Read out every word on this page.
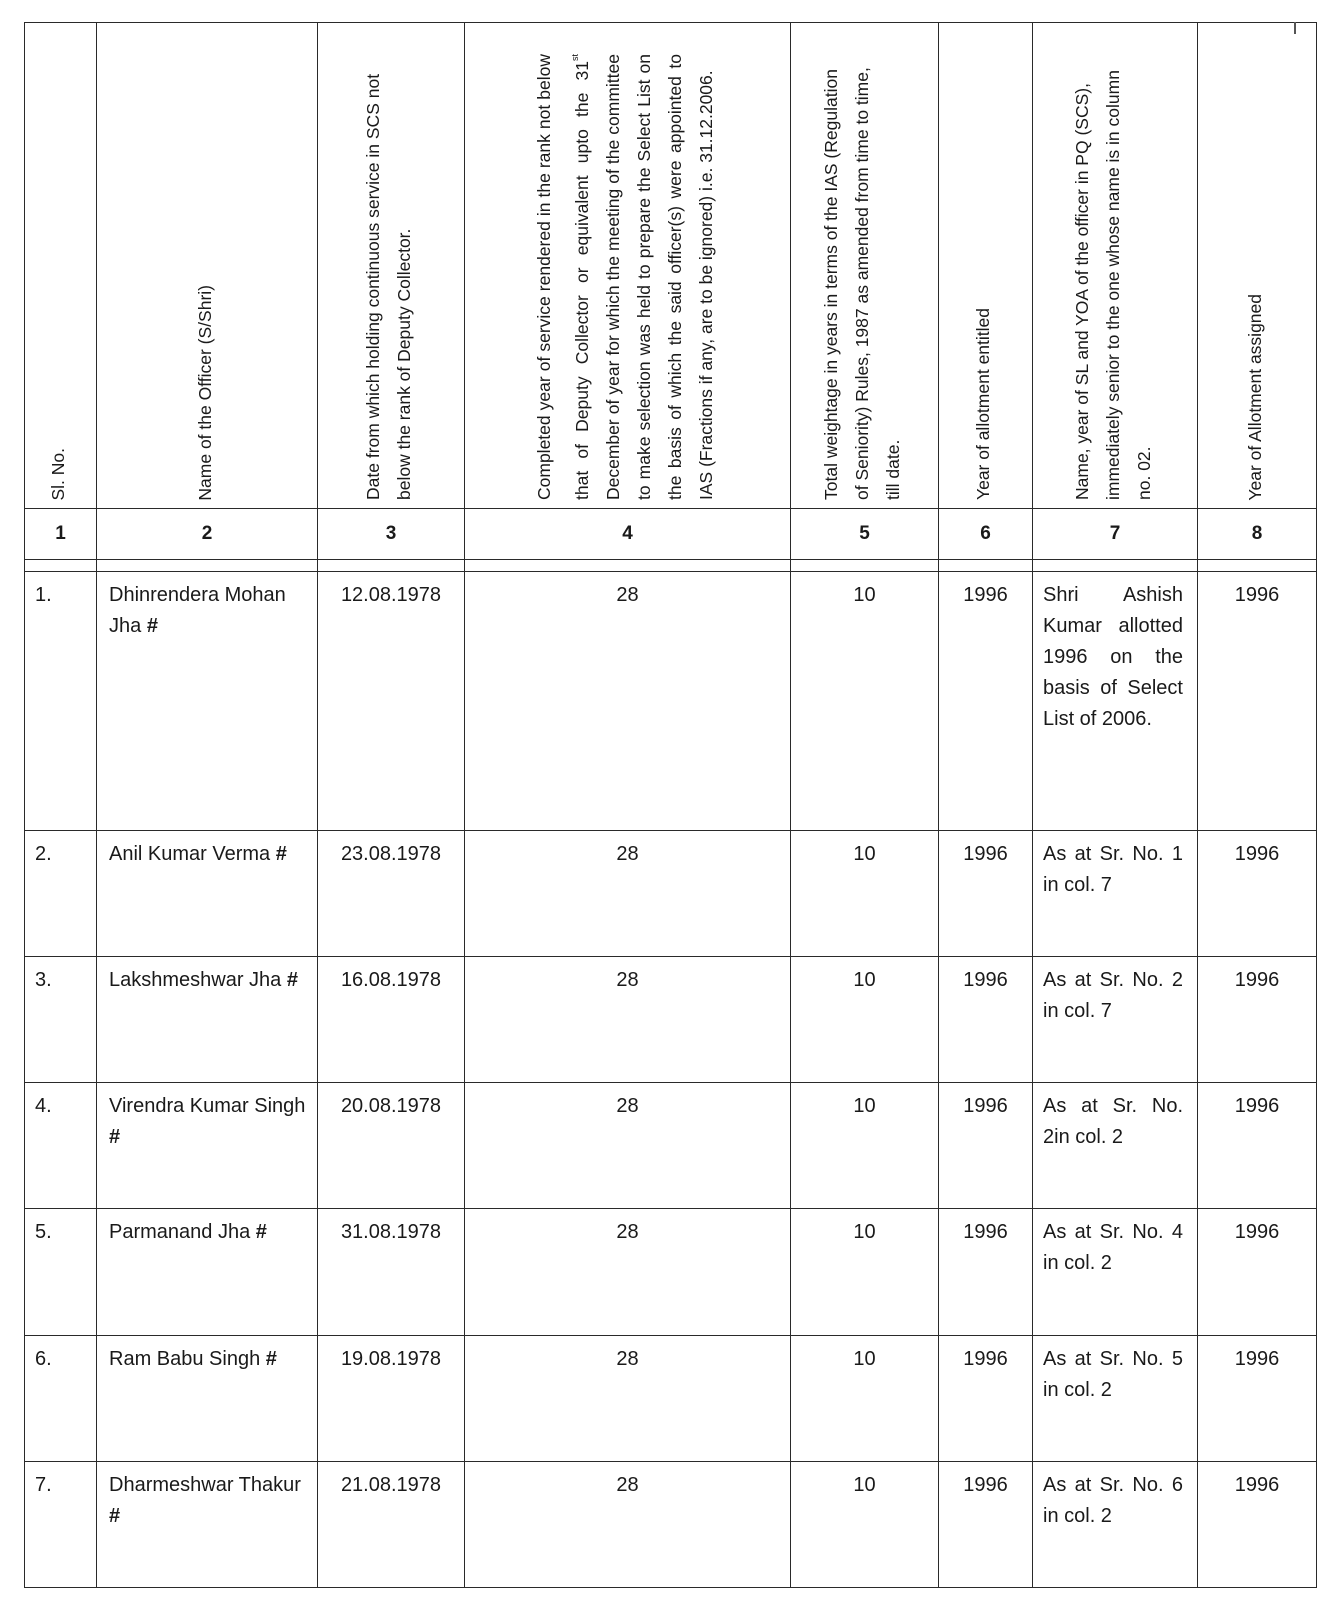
Sl. No.	Name of the Officer (S/Shri)	Date from which holding continuous service in SCS not below the rank of Deputy Collector.	Completed year of service rendered in the rank not below that of Deputy Collector or equivalent upto the 31st December of year for which the meeting of the committee to make selection was held to prepare the Select List on the basis of which the said officer(s) were appointed to IAS (Fractions if any, are to be ignored) i.e. 31.12.2006.	Total weightage in years in terms of the IAS (Regulation of Seniority) Rules, 1987 as amended from time to time, till date.	Year of allotment entitled	Name, year of SL and YOA of the officer in PQ (SCS), immediately senior to the one whose name is in column no. 02.	Year of Allotment assigned

1	2	3	4	5	6	7	8

1.	Dhinrendera Mohan Jha #	12.08.1978	28	10	1996	Shri Ashish Kumar allotted 1996 on the basis of Select List of 2006.	1996
2.	Anil Kumar Verma #	23.08.1978	28	10	1996	As at Sr. No. 1 in col. 7	1996
3.	Lakshmeshwar Jha #	16.08.1978	28	10	1996	As at Sr. No. 2 in col. 7	1996
4.	Virendra Kumar Singh #	20.08.1978	28	10	1996	As at Sr. No. 2in col. 2	1996
5.	Parmanand Jha #	31.08.1978	28	10	1996	As at Sr. No. 4 in col. 2	1996
6.	Ram Babu Singh #	19.08.1978	28	10	1996	As at Sr. No. 5 in col. 2	1996
7.	Dharmeshwar Thakur #	21.08.1978	28	10	1996	As at Sr. No. 6 in col. 2	1996
